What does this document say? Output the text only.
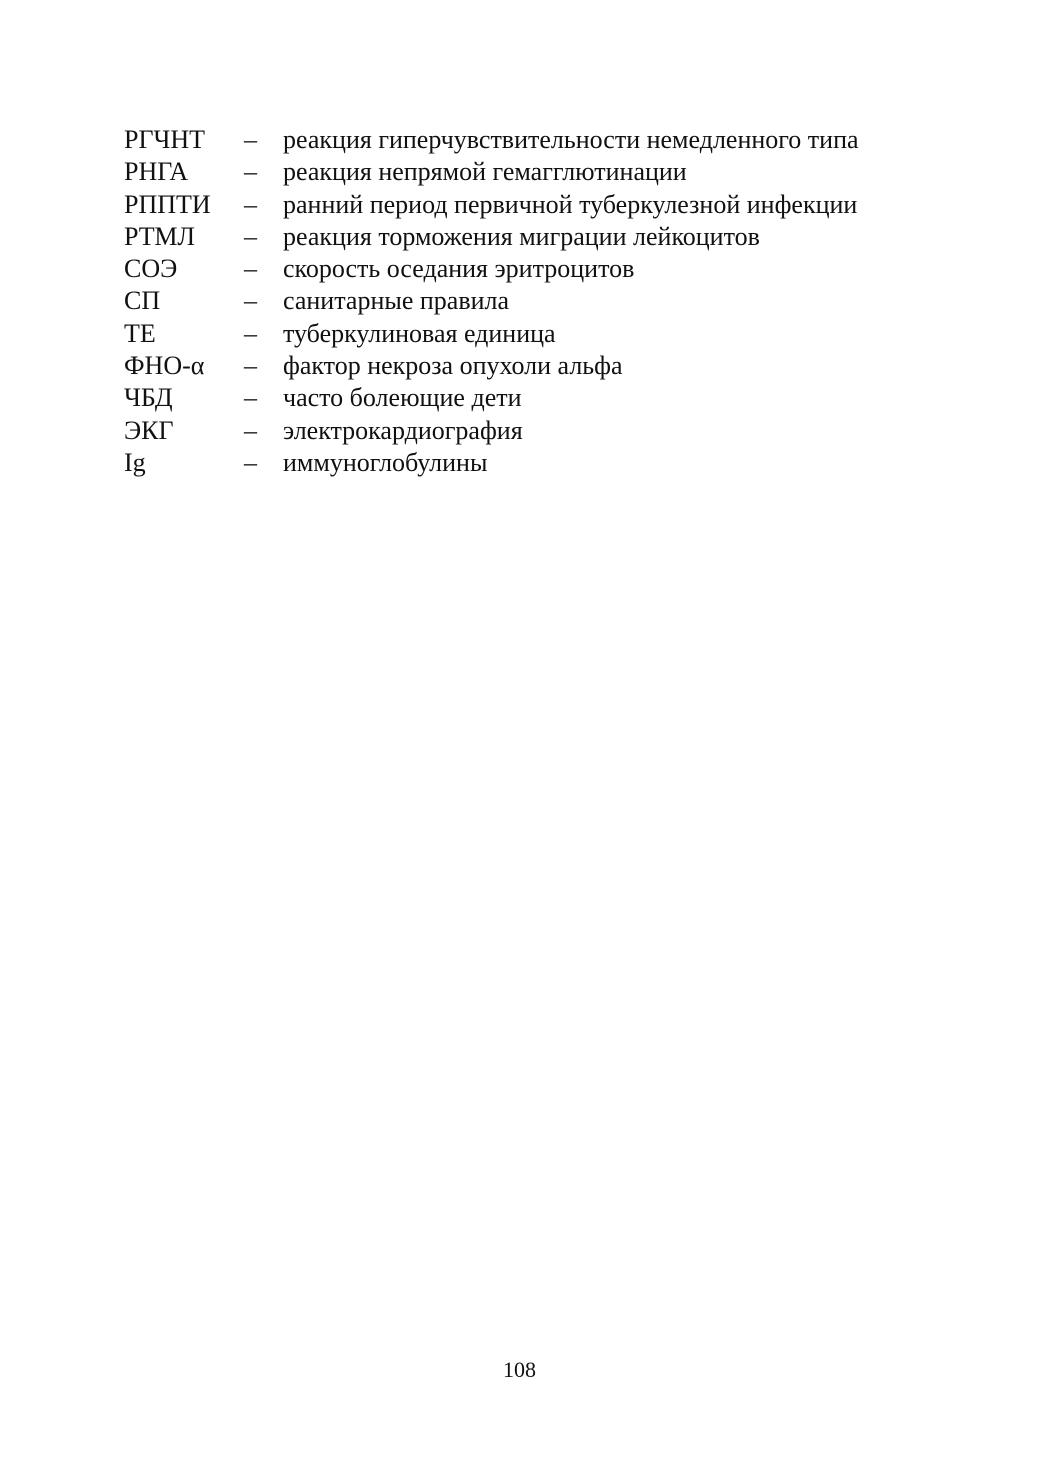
РГЧНТ – реакция гиперчувствительности немедленного типа
РНГА – реакция непрямой гемагглютинации
РППТИ – ранний период первичной туберкулезной инфекции
РТМЛ – реакция торможения миграции лейкоцитов
СОЭ	– скорость оседания эритроцитов
СП	– санитарные правила
ТЕ	– туберкулиновая единица
ФНО-α – фактор некроза опухоли альфа
ЧБД	– часто болеющие дети
ЭКГ	– электрокардиография
Ig	– иммуноглобулины
108
